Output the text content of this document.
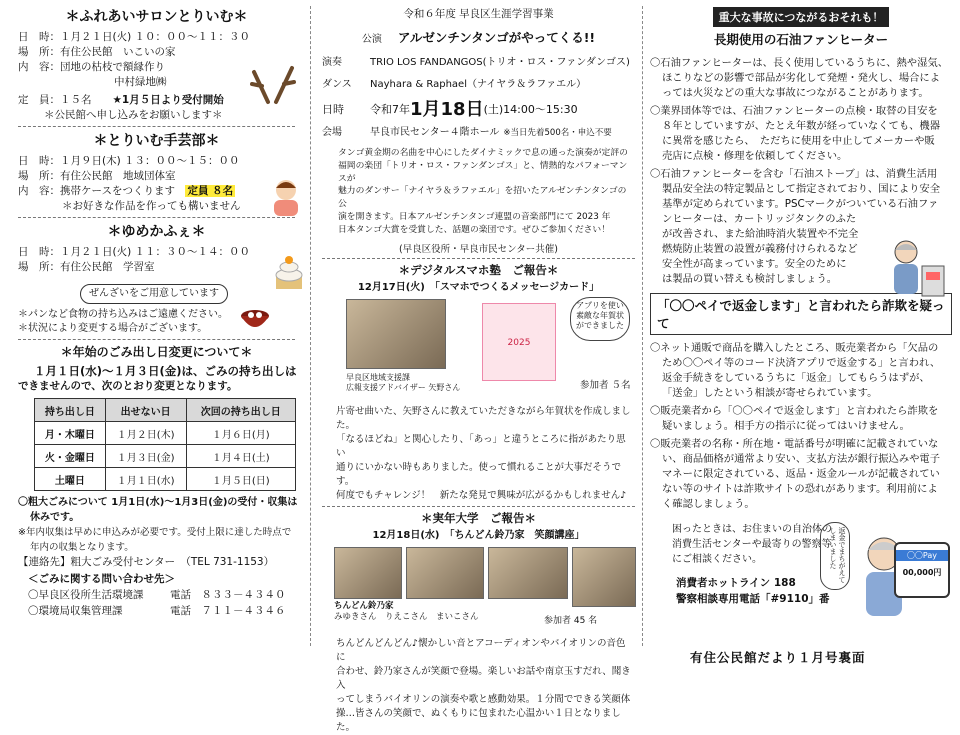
＊ふれあいサロンとりいむ＊
日　時：１月２１日(火) １０：００～１１：３０
場　所：有住公民館　いこいの家
内　容：団地の枯枝で額縁作り
中村緑地㈱
定　員：１５名　　 ★1月５日より受付開始
＊公民館へ申し込みをお願いします＊
＊とりいむ手芸部＊
日　時：１月９日(木) １３：００～１５：００
場　所：有住公民館　地域団体室
内　容：携帯ケースをつくります　 定員 ８名
＊お好きな作品を作っても構いません
＊ゆめかふぇ＊
日　時：１月２１日(火) １１：３０～１４：００
場　所：有住公民館　学習室
ぜんざいをご用意しています
＊パンなど食物の持ち込みはご遠慮ください。
＊状況により変更する場合がございます。
＊年始のごみ出し日変更について＊
１月１日(水)～１月３日(金)は、ごみの持ち出しは
できませんので、次のとおり変更となります。
持ち出し日	出せない日	次回の持ち出し日
月・木曜日	１月２日(木)	１月６日(月)
火・金曜日	１月３日(金)	１月４日(土)
土曜日	１月１日(水)	１月５日(日)
〇粗大ごみについて 1月1日(水)～1月3日(金)の受付・収集は
休みです。
※年内収集は早めに申込みが必要です。受付上限に達した時点で
年内の収集となります。
【連絡先】粗大ごみ受付センター　（TEL 731-1153）
＜ごみに関する問い合わせ先＞
〇早良区役所生活環境課	電話　８３３－４３４０
〇環境局収集管理課	電話　７１１－４３４６
令和６年度 早良区生涯学習事業
公演　 アルゼンチンタンゴがやってくる!!
演奏	TRIO LOS FANDANGOS(トリオ・ロス・ファンダンゴス)
ダンス	Nayhara & Raphael（ナイヤラ＆ラファエル）
日時	令和7年 1月18日 (土)14:00～15:30
会場	早良市民センター４階ホール ※当日先着500名・申込不要
タンゴ黄金期の名曲を中心にしたダイナミックで息の通った演奏が定評の
福岡の楽団「トリオ・ロス・ファンダンゴス」と、情熱的なパフォーマンスが
魅力のダンサー「ナイヤラ＆ラファエル」を招いたアルゼンチンタンゴの公
演を開きます。日本アルゼンチンタンゴ連盟の音楽部門にて 2023 年
日本タンゴ大賞を受賞した、話題の楽団です。ぜひご参加ください！
(早良区役所・早良市民センター共催)
＊デジタルスマホ塾　ご報告＊
12月17日(火)　「スマホでつくるメッセージカード」
2025
アプリを使い素敵な年賀状ができました
早良区地域支援課
広報支援アドバイザー 矢野さん	参加者 ５名
片寄せ曲いた、矢野さんに教えていただきながら年賀状を作成しました。
「なるほどね」と関心したり、「あっ」と違うところに指があたり思い
通りにいかない時もありました。使って慣れることが大事だそうです。
何度でもチャレンジ！　新たな発見で興味が広がるかもしれません♪
＊実年大学　ご報告＊
12月18日(水)　「ちんどん鈴乃家　笑顔講座」
ちんどん鈴乃家
みゆきさん　りえこさん　まいこさん	参加者 45 名
ちんどんどんどん♪懐かしい音とアコーディオンやバイオリンの音色に
合わせ、鈴乃家さんが笑顔で登場。楽しいお話や南京玉すだれ、聞き入
ってしまうバイオリンの演奏や歌と感動効果。１分間でできる笑顔体
操…皆さんの笑顔で、ぬくもりに包まれた心温かい１日となりました。
重大な事故につながるおそれも！
長期使用の石油ファンヒーター
〇石油ファンヒーターは、長く使用しているうちに、熱や湿気、
ほこりなどの影響で部品が劣化して発煙・発火し、場合によ
っては火災などの重大な事故につながることがあります。
〇業界団体等では、石油ファンヒーターの点検・取替の目安を
８年としていますが、たとえ年数が経っていなくても、機器
に異常を感じたら、　ただちに使用を中止してメーカーや販
売店に点検・修理を依頼してください。
〇石油ファンヒーターを含む「石油ストーブ」は、消費生活用
製品安全法の特定製品として指定されており、国により安全
基準が定められています。PSCマークがついている石油ファ
ンヒーターは、カートリッジタンクのふた
が改善され、また給油時消火装置や不完全
燃焼防止装置の設置が義務付けられるなど
安全性が高まっています。安全のために
は製品の買い替えも検討しましょう。
「〇〇ペイで返金します」と言われたら詐欺を疑って
〇ネット通販で商品を購入したところ、販売業者から「欠品の
ため〇〇ペイ等のコード決済アプリで返金する」と言われ、
返金手続きをしているうちに「返金」してもらうはずが、
「送金」したという相談が寄せられています。
〇販売業者から「〇〇ペイで返金します」と言われたら詐欺を
疑いましょう。相手方の指示に従ってはいけません。
〇販売業者の名称・所在地・電話番号が明確に記載されていな
い、商品価格が通常より安い、支払方法が銀行振込みや電子
マネーに限定されている、返品・返金ルールが記載されてい
ない等のサイトは詐欺サイトの恐れがあります。利用前によ
く確認しましょう。
困ったときは、お住まいの自治体の
消費生活センターや最寄りの警察等
にご相談ください。
消費者ホットライン 188
警察相談専用電話「#9110」番
返金でまちがえてしまいました	〇〇Pay
00,000円
有住公民館だより１月号裏面
